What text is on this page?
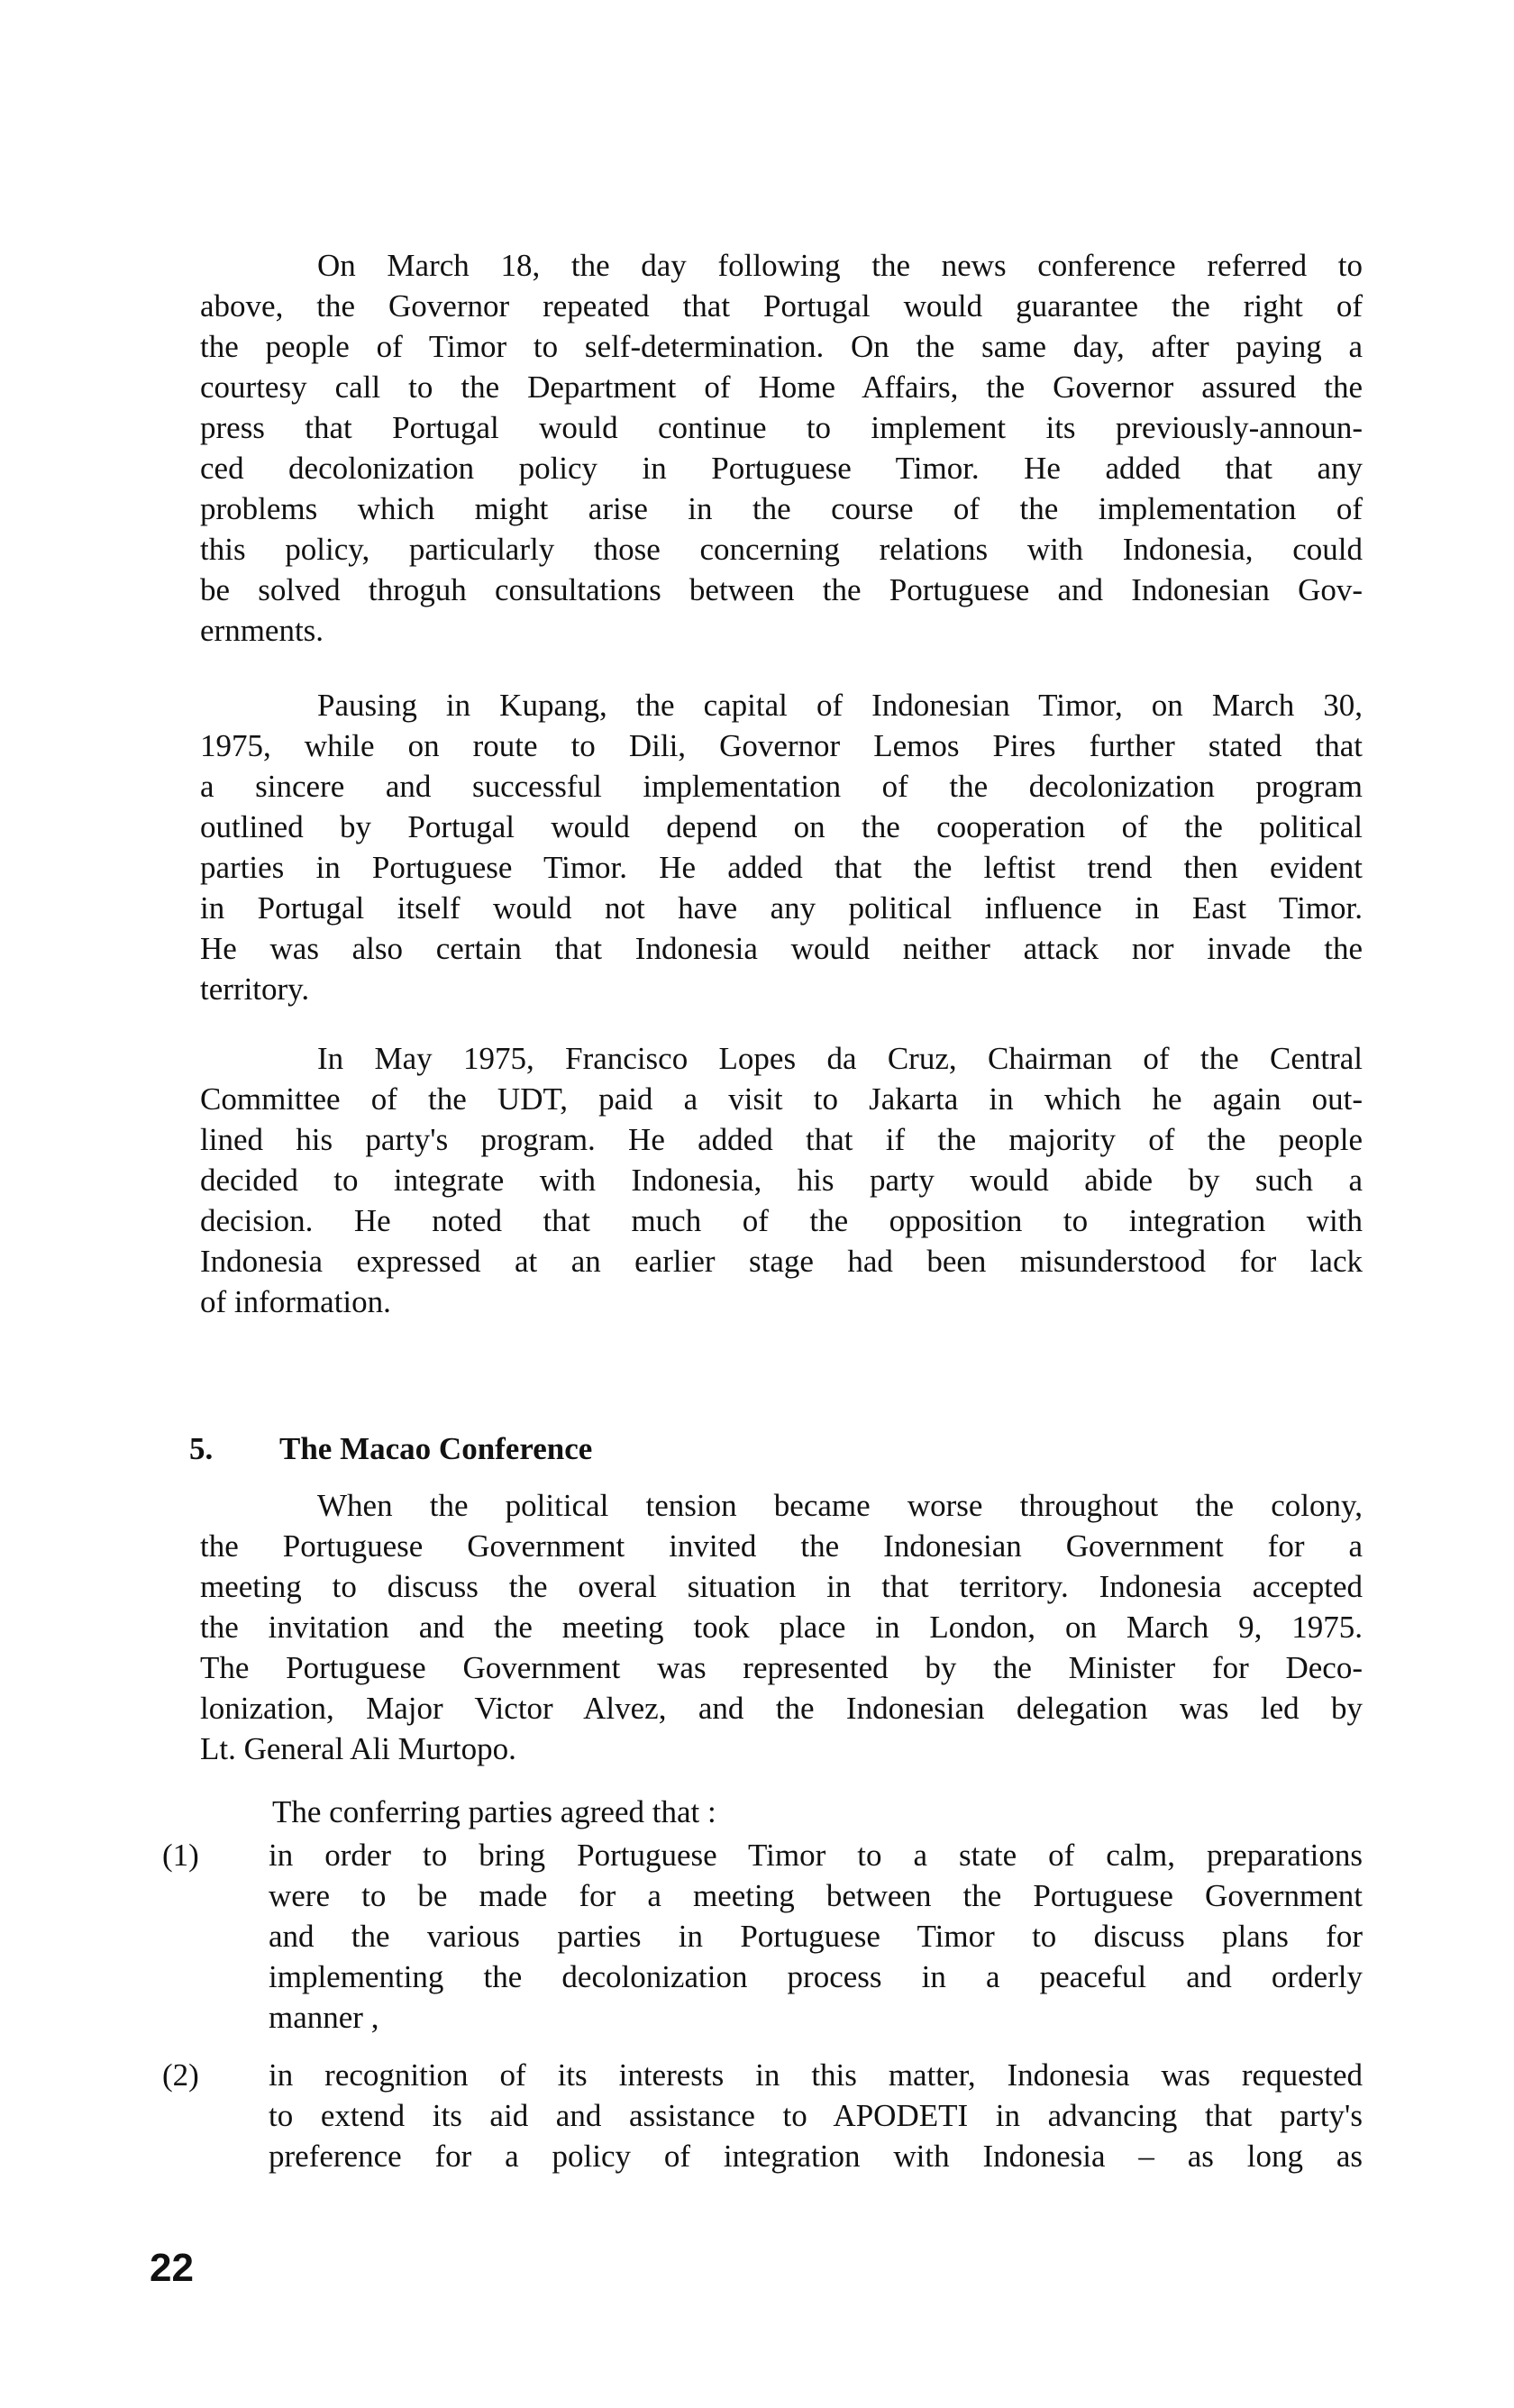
On March 18, the day following the news conference referred to
above, the Governor repeated that Portugal would guarantee the right of
the people of Timor to self-determination. On the same day, after paying a
courtesy call to the Department of Home Affairs, the Governor assured the
press that Portugal would continue to implement its previously-announ-
ced decolonization policy in Portuguese Timor. He added that any
problems which might arise in the course of the implementation of
this policy, particularly those concerning relations with Indonesia, could
be solved throguh consultations between the Portuguese and Indonesian Gov-
ernments.
Pausing in Kupang, the capital of Indonesian Timor, on March 30,
1975, while on route to Dili, Governor Lemos Pires further stated that
a sincere and successful implementation of the decolonization program
outlined by Portugal would depend on the cooperation of the political
parties in Portuguese Timor. He added that the leftist trend then evident
in Portugal itself would not have any political influence in East Timor.
He was also certain that Indonesia would neither attack nor invade the
territory.
In May 1975, Francisco Lopes da Cruz, Chairman of the Central
Committee of the UDT, paid a visit to Jakarta in which he again out-
lined his party's program. He added that if the majority of the people
decided to integrate with Indonesia, his party would abide by such a
decision. He noted that much of the opposition to integration with
Indonesia expressed at an earlier stage had been misunderstood for lack
of information.
5. The Macao Conference
When the political tension became worse throughout the colony,
the Portuguese Government invited the Indonesian Government for a
meeting to discuss the overal situation in that territory. Indonesia accepted
the invitation and the meeting took place in London, on March 9, 1975.
The Portuguese Government was represented by the Minister for Deco-
lonization, Major Victor Alvez, and the Indonesian delegation was led by
Lt. General Ali Murtopo.
The conferring parties agreed that :
(1)	in order to bring Portuguese Timor to a state of calm, preparations
were to be made for a meeting between the Portuguese Government
and the various parties in Portuguese Timor to discuss plans for
implementing the decolonization process in a peaceful and orderly
manner ,
(2)	in recognition of its interests in this matter, Indonesia was requested
to extend its aid and assistance to APODETI in advancing that party's
preference for a policy of integration with Indonesia – as long as
22
